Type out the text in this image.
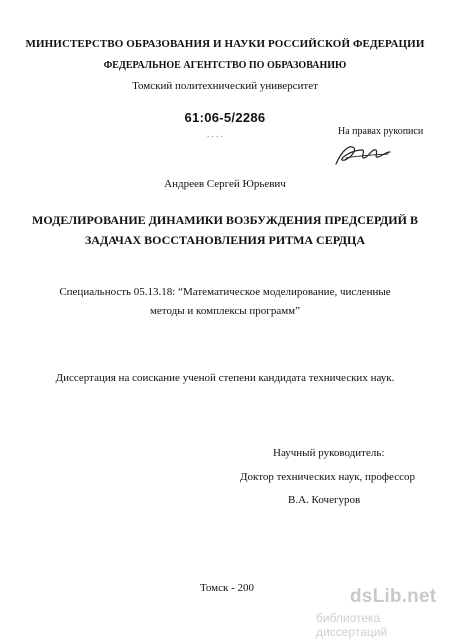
МИНИСТЕРСТВО ОБРАЗОВАНИЯ И НАУКИ РОССИЙСКОЙ ФЕДЕРАЦИИ

ФЕДЕРАЛЬНОЕ АГЕНТСТВО ПО ОБРАЗОВАНИЮ

Томский политехнический университет

61:06-5/2286

. . . .	На правах рукописи

Андреев Сергей Юрьевич

МОДЕЛИРОВАНИЕ ДИНАМИКИ ВОЗБУЖДЕНИЯ ПРЕДСЕРДИЙ В
ЗАДАЧАХ ВОССТАНОВЛЕНИЯ РИТМА СЕРДЦА
Специальность 05.13.18: “Математическое моделирование, численные
методы и комплексы программ”

Диссертация на соискание ученой степени кандидата технических наук.

Научный руководитель:

Доктор технических наук, профессор

В.А. Кочегуров

Томск - 200	dsLib.net

библиотека диссертаций
